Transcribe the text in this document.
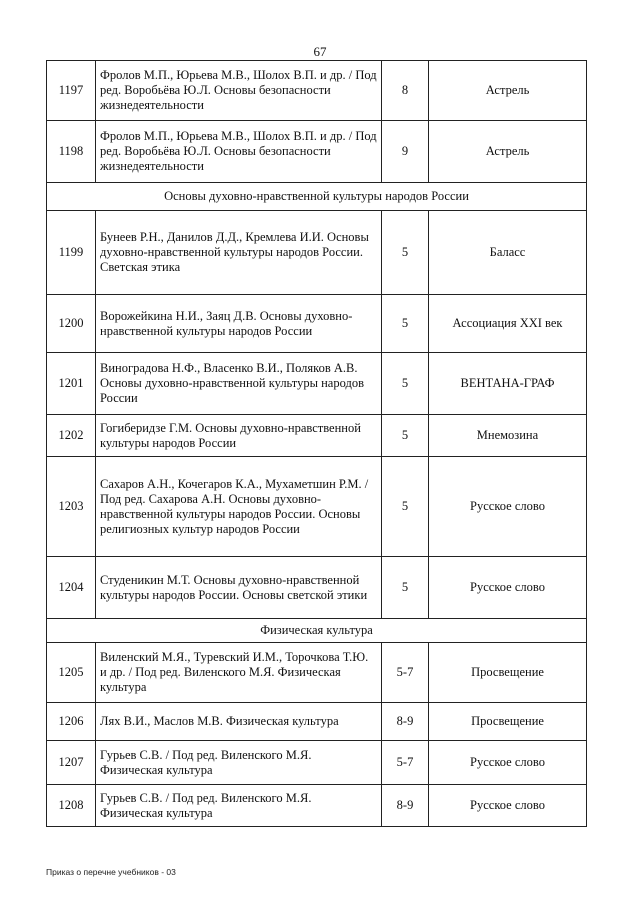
67
1197	Фролов М.П., Юрьева М.В., Шолох В.П. и др. / Под ред. Воробьёва Ю.Л. Основы безопасности жизнедеятельности	8	Астрель
1198	Фролов М.П., Юрьева М.В., Шолох В.П. и др. / Под ред. Воробьёва Ю.Л. Основы безопасности жизнедеятельности	9	Астрель
Основы духовно-нравственной культуры народов России			
1199	Бунеев Р.Н., Данилов Д.Д., Кремлева И.И. Основы духовно-нравственной культуры народов России. Светская этика	5	Баласс
1200	Ворожейкина Н.И., Заяц Д.В. Основы духовно-нравственной культуры народов России	5	Ассоциация XXI век
1201	Виноградова Н.Ф., Власенко В.И., Поляков А.В. Основы духовно-нравственной культуры народов России	5	ВЕНТАНА-ГРАФ
1202	Гогиберидзе Г.М. Основы духовно-нравственной культуры народов России	5	Мнемозина
1203	Сахаров А.Н., Кочегаров К.А., Мухаметшин Р.М. / Под ред. Сахарова А.Н. Основы духовно-нравственной культуры народов России. Основы религиозных культур народов России	5	Русское слово
1204	Студеникин М.Т. Основы духовно-нравственной культуры народов России. Основы светской этики	5	Русское слово
Физическая культура			
1205	Виленский М.Я., Туревский И.М., Торочкова Т.Ю. и др. / Под ред. Виленского М.Я. Физическая культура	5-7	Просвещение
1206	Лях В.И., Маслов М.В. Физическая культура	8-9	Просвещение
1207	Гурьев С.В. / Под ред. Виленского М.Я. Физическая культура	5-7	Русское слово
1208	Гурьев С.В. / Под ред. Виленского М.Я. Физическая культура	8-9	Русское слово
Приказ о перечне учебников - 03
